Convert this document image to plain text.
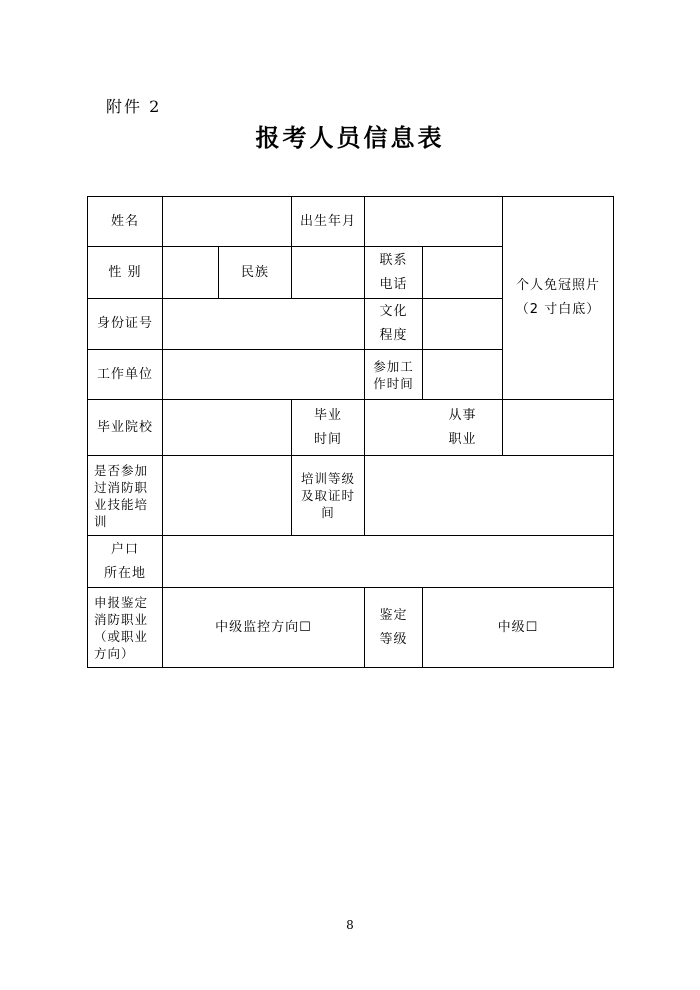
附件 2
报考人员信息表
姓名	出生年月
个人免冠照片
（2 寸白底）
性 别	民族
联系
电话
身份证号
文化
程度
工作单位
参加工
作时间
毕业院校
毕业
时间
从事
职业
是否参加过消防职业技能培训
培训等级及取证时间
户口
所在地
申报鉴定消防职业（或职业方向）
中级监控方向☐
鉴定
等级
中级☐
8
